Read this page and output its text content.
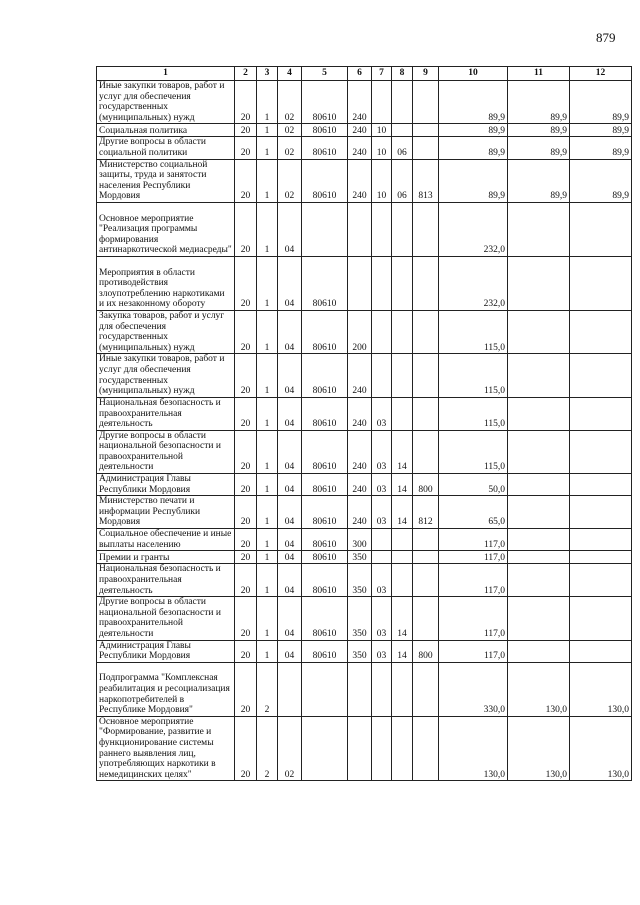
879
1	2	3	4	5	6	7	8	9	10	11	12
Иные закупки товаров, работ и услуг для обеспечения государственных (муниципальных) нужд	20	1	02	80610	240				89,9	89,9	89,9
Социальная политика	20	1	02	80610	240	10			89,9	89,9	89,9
Другие вопросы в области социальной политики	20	1	02	80610	240	10	06		89,9	89,9	89,9
Министерство социальной защиты, труда и занятости населения Республики Мордовия	20	1	02	80610	240	10	06	813	89,9	89,9	89,9
Основное мероприятие "Реализация программы формирования антинаркотической медиасреды"	20	1	04						232,0		
Мероприятия в области противодействия злоупотреблению наркотиками и их незаконному обороту	20	1	04	80610					232,0		
Закупка товаров, работ и услуг для обеспечения государственных (муниципальных) нужд	20	1	04	80610	200				115,0		
Иные закупки товаров, работ и услуг для обеспечения государственных (муниципальных) нужд	20	1	04	80610	240				115,0		
Национальная безопасность и правоохранительная деятельность	20	1	04	80610	240	03			115,0		
Другие вопросы в области национальной безопасности и правоохранительной деятельности	20	1	04	80610	240	03	14		115,0		
Администрация Главы Республики Мордовия	20	1	04	80610	240	03	14	800	50,0		
Министерство печати и информации Республики Мордовия	20	1	04	80610	240	03	14	812	65,0		
Социальное обеспечение и иные выплаты населению	20	1	04	80610	300				117,0		
Премии и гранты	20	1	04	80610	350				117,0		
Национальная безопасность и правоохранительная деятельность	20	1	04	80610	350	03			117,0		
Другие вопросы в области национальной безопасности и правоохранительной деятельности	20	1	04	80610	350	03	14		117,0		
Администрация Главы Республики Мордовия	20	1	04	80610	350	03	14	800	117,0		
Подпрограмма "Комплексная реабилитация и ресоциализация наркопотребителей в Республике Мордовия"	20	2							330,0	130,0	130,0
Основное мероприятие "Формирование, развитие и функционирование системы раннего выявления лиц, употребляющих наркотики в немедицинских целях"	20	2	02						130,0	130,0	130,0
